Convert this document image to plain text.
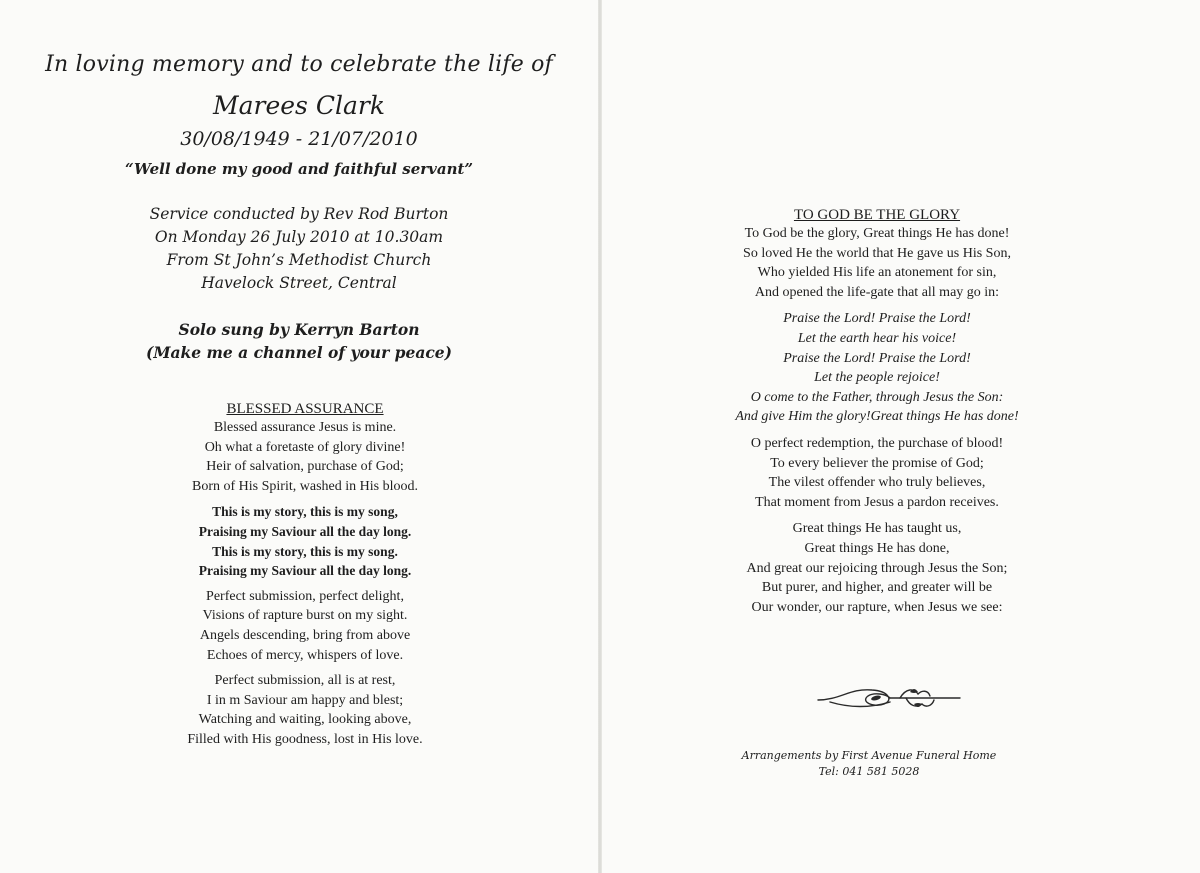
In loving memory and to celebrate the life of
Marees Clark
30/08/1949 - 21/07/2010
“Well done my good and faithful servant”
Service conducted by Rev Rod Burton
On Monday 26 July 2010 at 10.30am
From St John’s Methodist Church
Havelock Street, Central
Solo sung by Kerryn Barton
(Make me a channel of your peace)
BLESSED ASSURANCE
Blessed assurance Jesus is mine.
Oh what a foretaste of glory divine!
Heir of salvation, purchase of God;
Born of His Spirit, washed in His blood.
This is my story, this is my song,
Praising my Saviour all the day long.
This is my story, this is my song.
Praising my Saviour all the day long.
Perfect submission, perfect delight,
Visions of rapture burst on my sight.
Angels descending, bring from above
Echoes of mercy, whispers of love.
Perfect submission, all is at rest,
I in m Saviour am happy and blest;
Watching and waiting, looking above,
Filled with His goodness, lost in His love.
TO GOD BE THE GLORY
To God be the glory, Great things He has done!
So loved He the world that He gave us His Son,
Who yielded His life an atonement for sin,
And opened the life-gate that all may go in:
Praise the Lord! Praise the Lord!
Let the earth hear his voice!
Praise the Lord! Praise the Lord!
Let the people rejoice!
O come to the Father, through Jesus the Son:
And give Him the glory!Great things He has done!
O perfect redemption, the purchase of blood!
To every believer the promise of God;
The vilest offender who truly believes,
That moment from Jesus a pardon receives.
Great things He has taught us,
Great things He has done,
And great our rejoicing through Jesus the Son;
But purer, and higher, and greater will be
Our wonder, our rapture, when Jesus we see:
Arrangements by First Avenue Funeral Home
Tel: 041 581 5028
